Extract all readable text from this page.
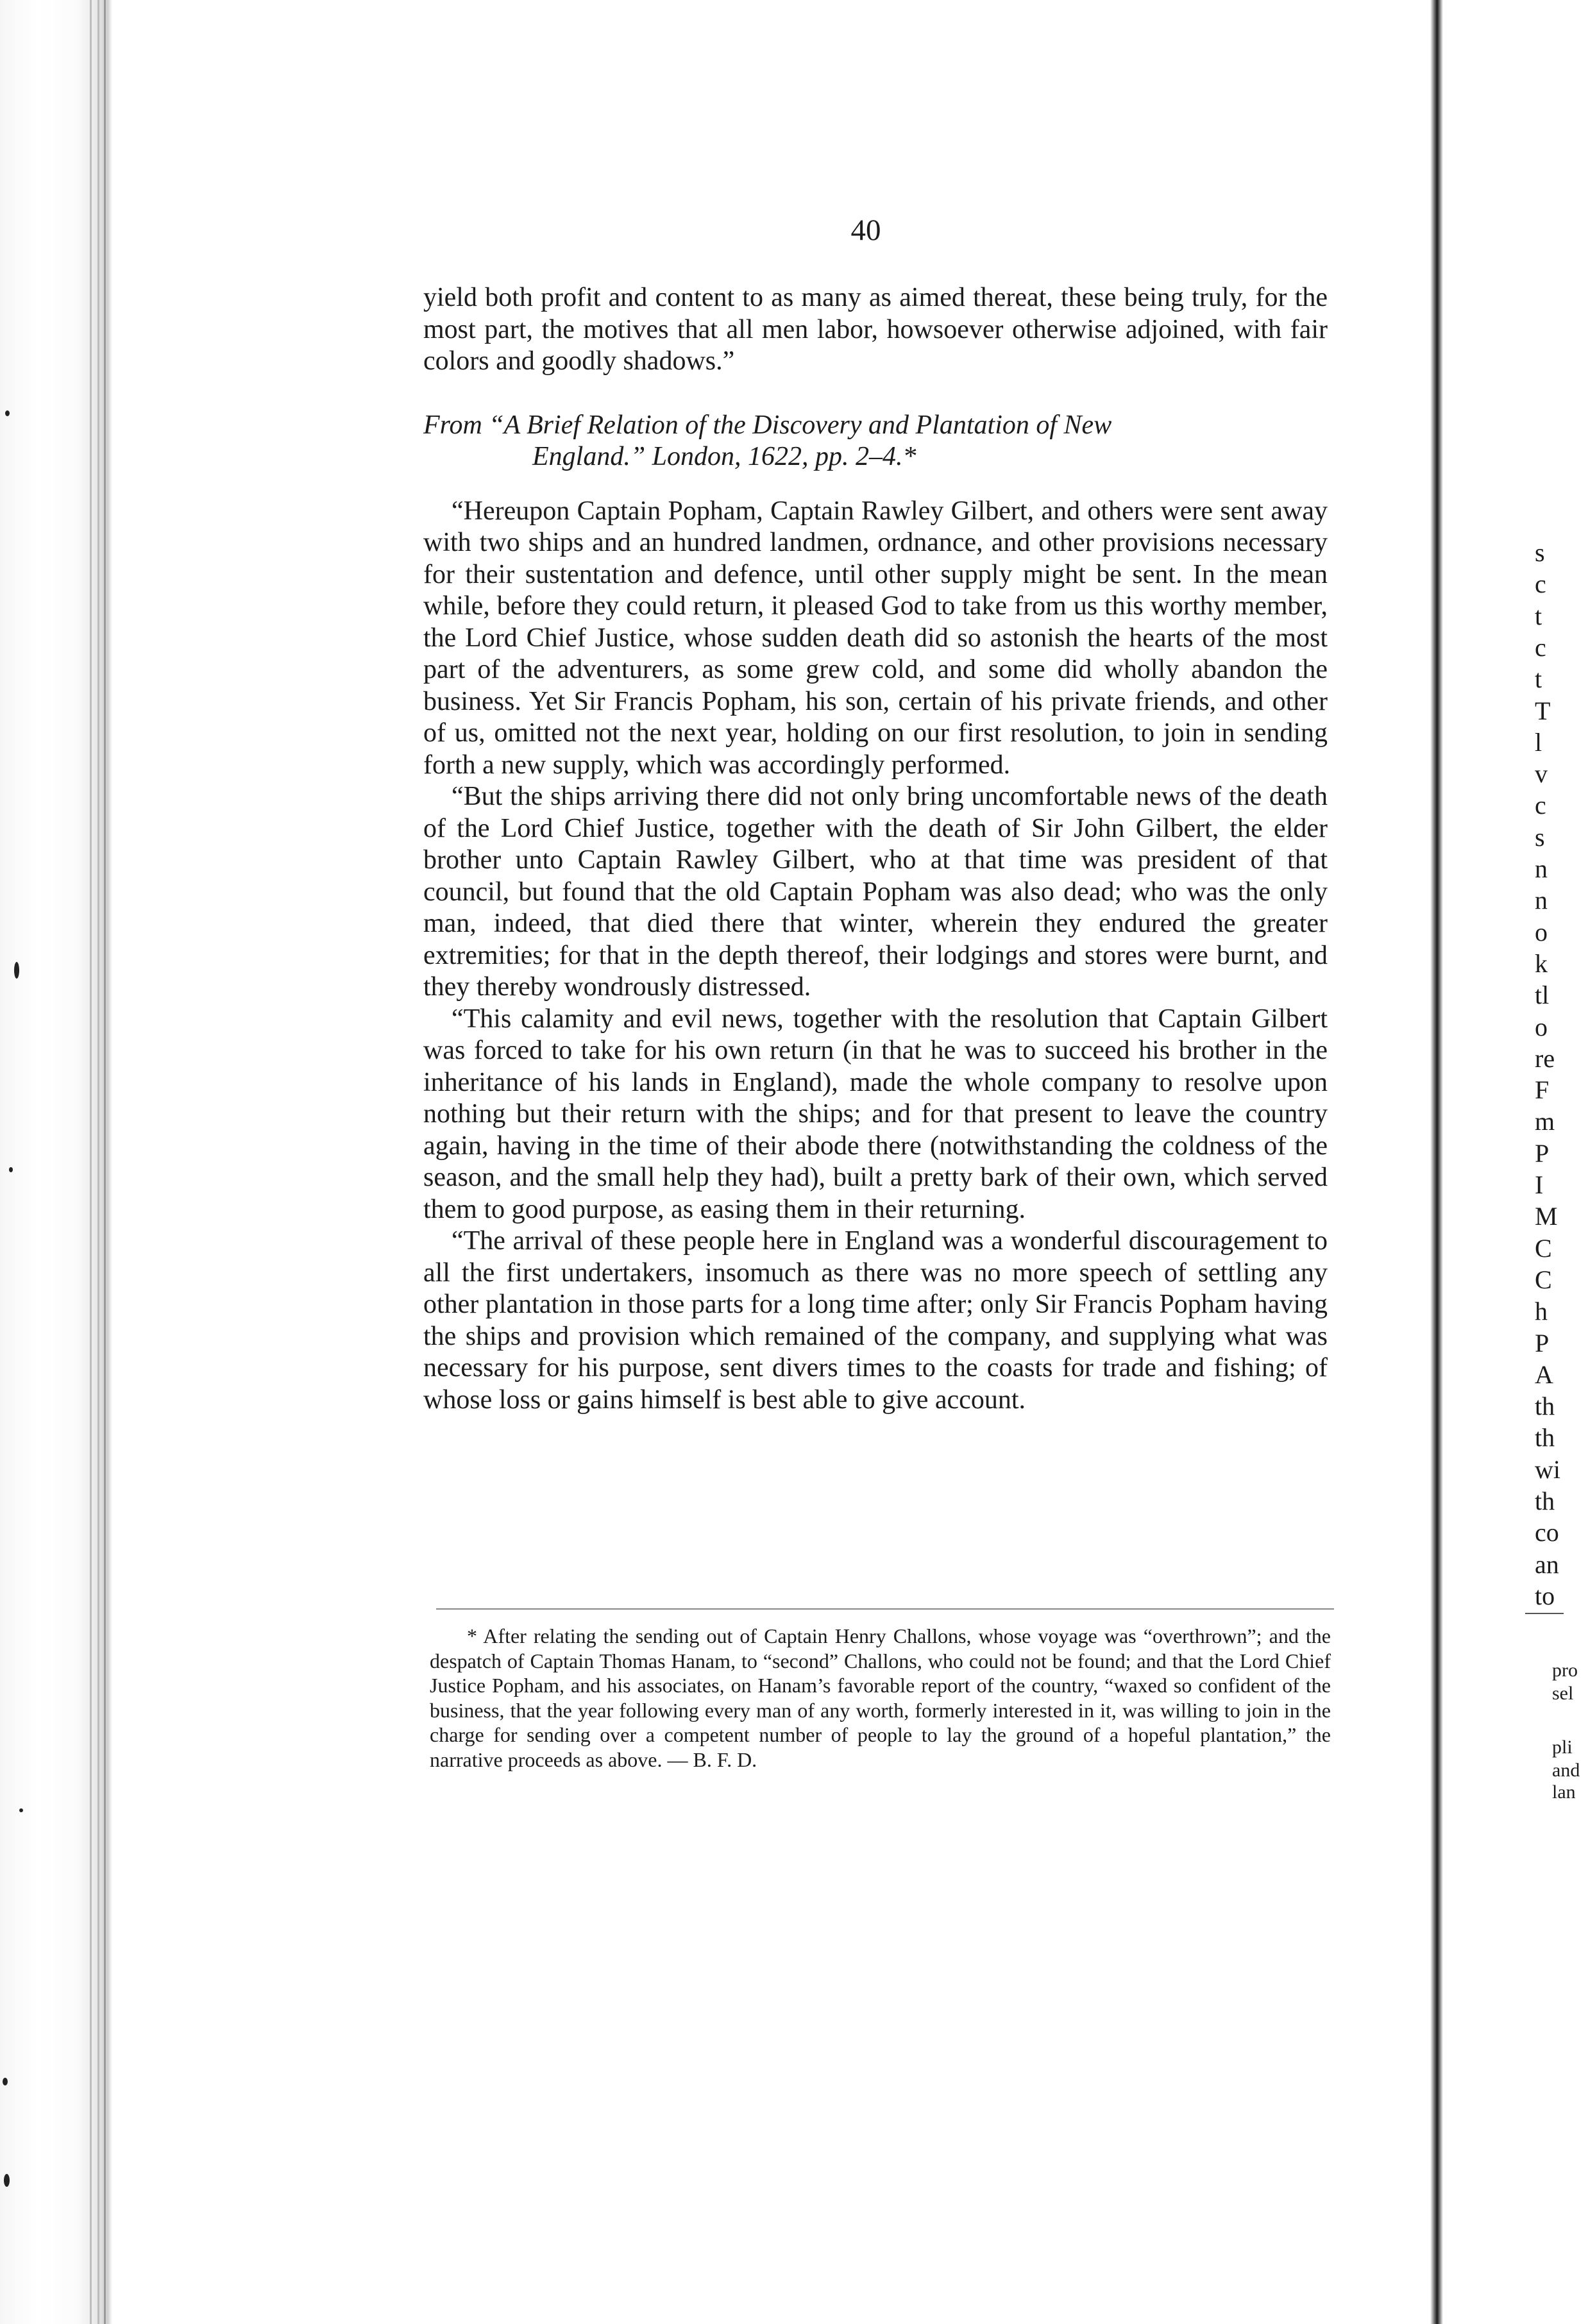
40

yield both profit and content to as many as aimed thereat, these being truly, for the most part, the motives that all men labor, howsoever otherwise adjoined, with fair colors and goodly shadows.”

From “A Brief Relation of the Discovery and Plantation of New
England.” London, 1622, pp. 2–4.*

“Hereupon Captain Popham, Captain Rawley Gilbert, and others were sent away with two ships and an hundred landmen, ordnance, and other provisions necessary for their sustentation and defence, until other supply might be sent. In the mean while, before they could return, it pleased God to take from us this worthy member, the Lord Chief Justice, whose sudden death did so astonish the hearts of the most part of the adventurers, as some grew cold, and some did wholly abandon the business. Yet Sir Francis Popham, his son, certain of his private friends, and other of us, omitted not the next year, holding on our first resolution, to join in sending forth a new supply, which was accordingly performed.

“But the ships arriving there did not only bring uncomfortable news of the death of the Lord Chief Justice, together with the death of Sir John Gilbert, the elder brother unto Captain Rawley Gilbert, who at that time was president of that council, but found that the old Captain Popham was also dead; who was the only man, indeed, that died there that winter, wherein they endured the greater extremities; for that in the depth thereof, their lodgings and stores were burnt, and they thereby wondrously distressed.

“This calamity and evil news, together with the resolution that Captain Gilbert was forced to take for his own return (in that he was to succeed his brother in the inheritance of his lands in England), made the whole company to resolve upon nothing but their return with the ships; and for that present to leave the country again, having in the time of their abode there (notwithstanding the coldness of the season, and the small help they had), built a pretty bark of their own, which served them to good purpose, as easing them in their returning.

“The arrival of these people here in England was a wonderful discouragement to all the first undertakers, insomuch as there was no more speech of settling any other plantation in those parts for a long time after; only Sir Francis Popham having the ships and provision which remained of the company, and supplying what was necessary for his purpose, sent divers times to the coasts for trade and fishing; of whose loss or gains himself is best able to give account.

* After relating the sending out of Captain Henry Challons, whose voyage was “overthrown”; and the despatch of Captain Thomas Hanam, to “second” Challons, who could not be found; and that the Lord Chief Justice Popham, and his associates, on Hanam’s favorable report of the country, “waxed so confident of the business, that the year following every man of any worth, formerly interested in it, was willing to join in the charge for sending over a competent number of people to lay the ground of a hopeful plantation,” the narrative proceeds as above. — B. F. D.

s
c
t
c
t
T
l
v
c
s
n
n
o
k
tl
o
re
F
m
P
I
M
C
C
h
P
A
th
th
wi
th
co
an
to
pro
sel
pli
and
lan
